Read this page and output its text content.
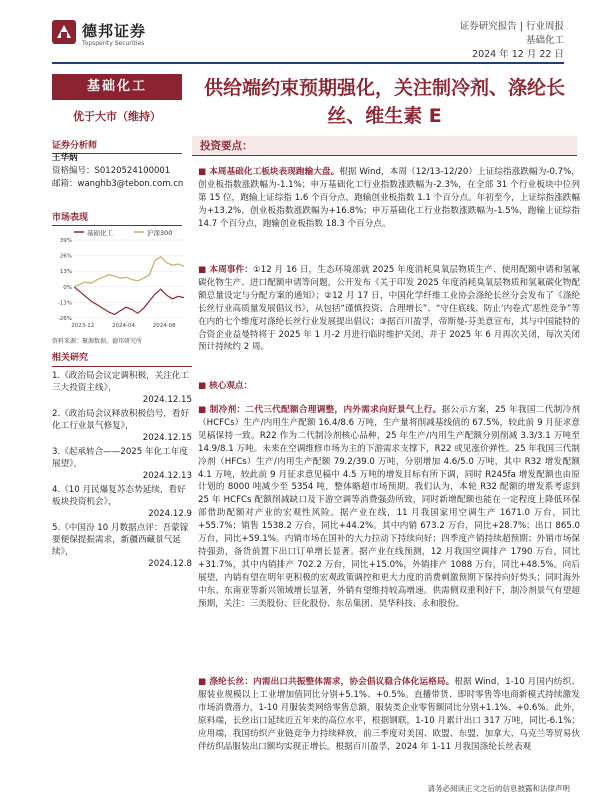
德邦证券
Topsperity Securities
证券研究报告 | 行业周报
基础化工
2024 年 12 月 22 日
基础化工
优于大市（维持）
证券分析师
王华炳
资格编号：S0120524100001
邮箱：wanghb3@tebon.com.cn
市场表现
基础化工	沪深300
39%
26%
13%
0%
-13%
-26%
2023-12	2024-04	2024-08
资料来源：聚源数据，德邦研究所
相关研究
1.《政治局会议定调积极，关注化工三大投资主线》，
2024.12.15
2.《政治局会议释放积极信号，看好化工行业景气修复》，
2024.12.15
3.《起承转合——2025 年化工年度展望》，
2024.12.13
4.《10 月民爆复苏态势延续，看好板块投资机会》，
2024.12.9
5.《中国汾 10 月数据点评：吾蒙镓要便保提振需求，新疆西藏景气延续》，
2024.12.8
供给端约束预期强化，关注制冷剂、涤纶长丝、维生素 E
投资要点：
■ 本周基础化工板块表现跑输大盘。根据 Wind，本周（12/13-12/20）上证综指涨跌幅为-0.7%，创业板指数涨跌幅为-1.1%；申万基础化工行业指数涨跌幅为-2.3%，在全部 31 个行业板块中位列第 15 位，跑输上证综指 1.6 个百分点，跑输创业板指数 1.1 个百分点。年初至今，上证综指涨跌幅为+13.2%，创业板指数涨跌幅为+16.8%；申万基础化工行业指数涨跌幅为-1.5%，跑输上证综指 14.7 个百分点，跑输创业板指数 18.3 个百分点。
■ 本周事件：①12 月 16 日，生态环境部就 2025 年度消耗臭氧层物质生产、使用配额申请和氢氟碳化物生产、进口配额申请等问题，公开发布《关于印发 2025 年度消耗臭氧层物质和氢氟碳化物配额总量设定与分配方案的通知》；②12 月 17 日，中国化学纤维工业协会涤纶长丝分会发布了《涤纶长丝行业高质量发展倡议书》，从包括“谨慎投资、合理增长”、“守住底线、防止‘内卷式’恶性竞争”等在内的七个维度对涤纶长丝行业发展提出倡议；③据百川盈孚，帝斯曼-芬美意宣布，其与中国能特的合资企业益曼特将于 2025 年 1 月-2 月进行临时维护关闭，并于 2025 年 6 月再次关闭，每次关闭预计持续约 2 周。
■ 核心观点：
■ 制冷剂：二代三代配额合理调整，内外需求向好景气上行。据公示方案，25 年我国二代制冷剂（HCFCs）生产/内用生产配额 16.4/8.6 万吨，生产量将削减基线值的 67.5%，较此前 9 月征求意见稿保持一致。R22 作为二代制冷剂核心品种，25 年生产/内用生产配额分别削减 3.3/3.1 万吨至 14.9/8.1 万吨。未来在空调维修市场为主的下游需求支撑下，R22 或见涨价弹性。25 年我国三代制冷剂（HFCs）生产/内用生产配额 79.2/39.0 万吨，分别增加 4.6/5.0 万吨，其中 R32 增发配额 4.1 万吨，较此前 9 月征求意见稿中 4.5 万吨的增发目标有所下调，同时 R245fa 增发配额也由原计划的 8000 吨减少至 5354 吨，整体略超市场预期。我们认为，本轮 R32 配额的增发系考虑到 25 年 HCFCs 配额削减缺口及下游空调等消费强劲所致，同时新增配额也能在一定程度上降低环保部借助配额对产业的宏观性风险。据产业在线，11 月我国家用空调生产 1671.0 万台，同比+55.7%；销售 1538.2 万台，同比+44.2%。其中内销 673.2 万台，同比+28.7%；出口 865.0 万台，同比+59.1%。内销市场在国补的大力拉动下持续向好；四季度产销持续超预期；外销市场保持强劲，备货前置下出口订单增长显著。据产业在线预测，12 月我国空调排产 1790 万台，同比+31.7%，其中内销排产 702.2 万台，同比+15.0%，外销排产 1088 万台，同比+48.5%。向后展望，内销有望在明年更积极的宏观政策调控和更大力度的消费刺激预期下保持向好势头；同时海外中东、东南亚等新兴领域增长显著，外销有望维持较高增速。供需侧双重利好下，制冷剂景气有望超预期，关注：三美股份、巨化股份、东岳集团、昊华科技、永和股份。
■ 涤纶长丝：内需出口共振整体需求，协会倡议稳合体化运格局。根据 Wind，1-10 月国内纺织、服装业规模以上工业增加值同比分别+5.1%、+0.5%。直播带货、即时零售等电商新模式持续激发市场消费潜力，1-10 月服装类网络零售总额，服装类企业零售额同比分别+1.1%、+0.6%。此外，原料端，长丝出口延续近五年来的高位水平，根据钢联，1-10 月累计出口 317 万吨，同比-6.1%；应用端，我国纺织产业链竞争力持续释放，前三季度对美国、欧盟、东盟、加拿大、乌克兰等贸易伙伴纺织品服装出口额均实现正增长。根据百川盈孚，2024 年 1-11 月我国涤纶长丝表观
请务必阅读正文之后的信息披露和法律声明
